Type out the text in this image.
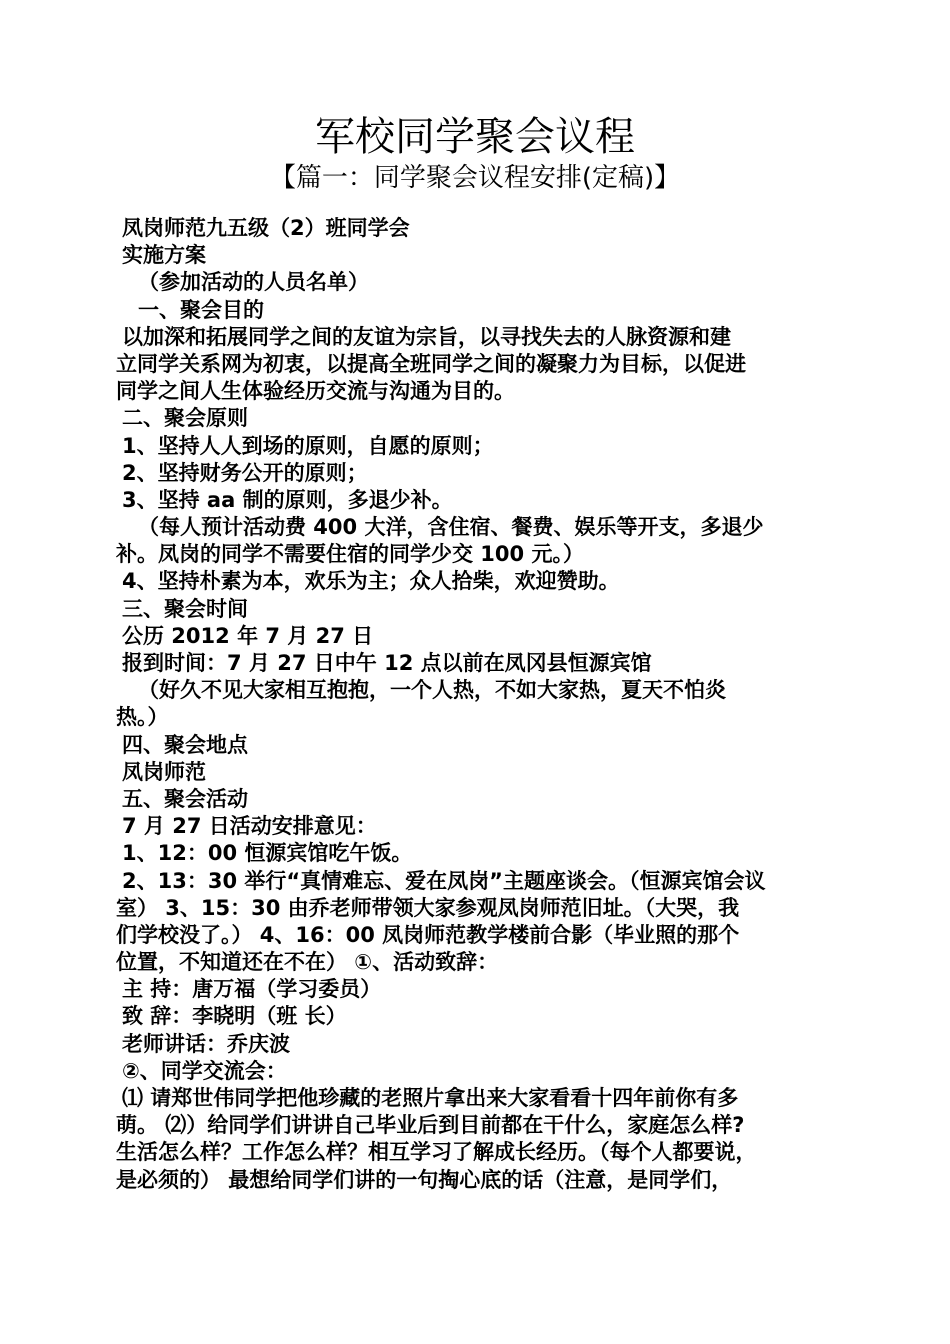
军校同学聚会议程
【篇一：同学聚会议程安排(定稿)】
凤岗师范九五级（2）班同学会
实施方案
（参加活动的人员名单）
一、聚会目的
以加深和拓展同学之间的友谊为宗旨，以寻找失去的人脉资源和建
立同学关系网为初衷，以提高全班同学之间的凝聚力为目标，以促进
同学之间人生体验经历交流与沟通为目的。
二、聚会原则
1、坚持人人到场的原则，自愿的原则；
2、坚持财务公开的原则；
3、坚持 aa 制的原则，多退少补。
（每人预计活动费 400 大洋，含住宿、餐费、娱乐等开支，多退少
补。凤岗的同学不需要住宿的同学少交 100 元。）
4、坚持朴素为本，欢乐为主；众人拾柴，欢迎赞助。
三、聚会时间
公历 2012 年 7 月 27 日
报到时间：7 月 27 日中午 12 点以前在凤冈县恒源宾馆
（好久不见大家相互抱抱，一个人热，不如大家热，夏天不怕炎
热。）
四、聚会地点
凤岗师范
五、聚会活动
7 月 27 日活动安排意见：
1、12：00 恒源宾馆吃午饭。
2、13：30 举行“真情难忘、爱在凤岗”主题座谈会。（恒源宾馆会议
室） 3、15：30 由乔老师带领大家参观凤岗师范旧址。（大哭，我
们学校没了。） 4、16：00 凤岗师范教学楼前合影（毕业照的那个
位置，不知道还在不在） ①、活动致辞：
主 持：唐万福（学习委员）
致 辞：李晓明（班 长）
老师讲话：乔庆波
②、同学交流会：
⑴ 请郑世伟同学把他珍藏的老照片拿出来大家看看十四年前你有多
萌。 ⑵）给同学们讲讲自己毕业后到目前都在干什么，家庭怎么样?
生活怎么样？工作怎么样？相互学习了解成长经历。（每个人都要说，
是必须的） 最想给同学们讲的一句掏心底的话（注意，是同学们，
